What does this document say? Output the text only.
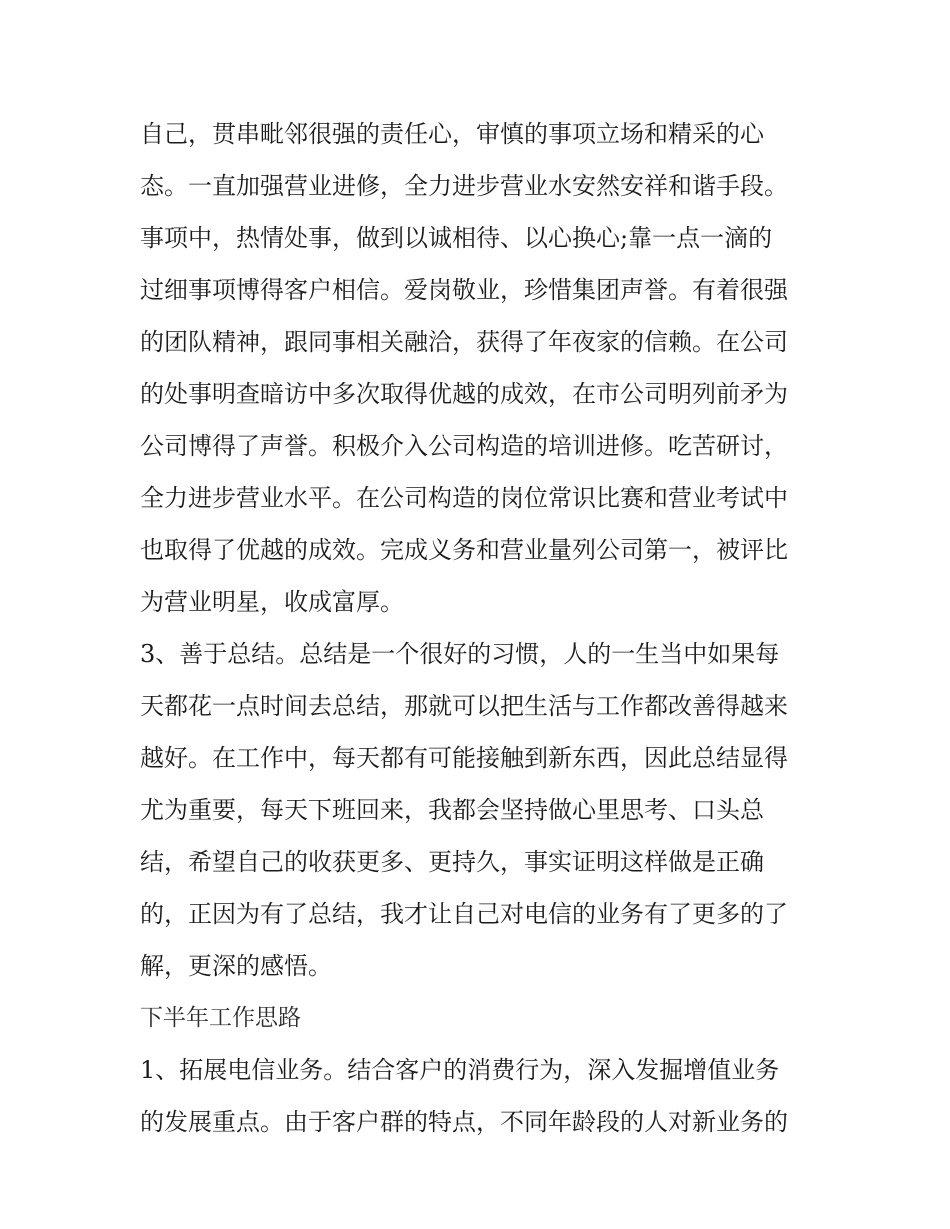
自己，贯串毗邻很强的责任心，审慎的事项立场和精采的心
态。一直加强营业进修，全力进步营业水安然安祥和谐手段。
事项中，热情处事，做到以诚相待、以心换心;靠一点一滴的
过细事项博得客户相信。爱岗敬业，珍惜集团声誉。有着很强
的团队精神，跟同事相关融洽，获得了年夜家的信赖。在公司
的处事明查暗访中多次取得优越的成效，在市公司明列前矛为
公司博得了声誉。积极介入公司构造的培训进修。吃苦研讨，
全力进步营业水平。在公司构造的岗位常识比赛和营业考试中
也取得了优越的成效。完成义务和营业量列公司第一，被评比
为营业明星，收成富厚。
3、善于总结。总结是一个很好的习惯，人的一生当中如果每
天都花一点时间去总结，那就可以把生活与工作都改善得越来
越好。在工作中，每天都有可能接触到新东西，因此总结显得
尤为重要，每天下班回来，我都会坚持做心里思考、口头总
结，希望自己的收获更多、更持久，事实证明这样做是正确
的，正因为有了总结，我才让自己对电信的业务有了更多的了
解，更深的感悟。
下半年工作思路
1、拓展电信业务。结合客户的消费行为，深入发掘增值业务
的发展重点。由于客户群的特点，不同年龄段的人对新业务的
